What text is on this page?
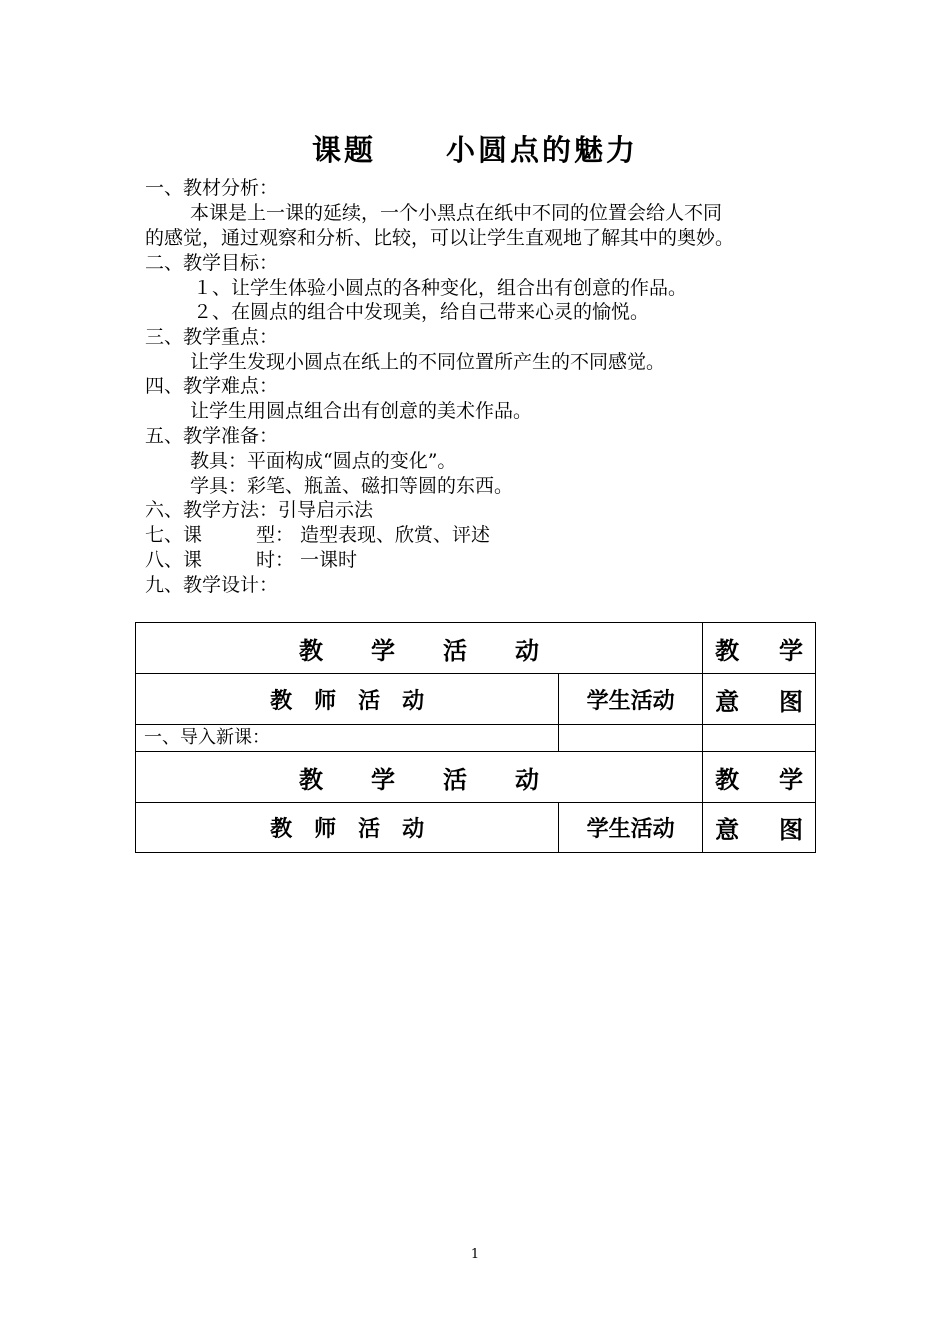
课题 小圆点的魅力
一、教材分析：
本课是上一课的延续，一个小黑点在纸中不同的位置会给人不同
的感觉，通过观察和分析、比较，可以让学生直观地了解其中的奥妙。
二、教学目标：
１、让学生体验小圆点的各种变化，组合出有创意的作品。
２、在圆点的组合中发现美，给自己带来心灵的愉悦。
三、教学重点：
让学生发现小圆点在纸上的不同位置所产生的不同感觉。
四、教学难点：
让学生用圆点组合出有创意的美术作品。
五、教学准备：
教具：平面构成“圆点的变化”。
学具：彩笔、瓶盖、磁扣等圆的东西。
六、教学方法：引导启示法
七、课	型： 造型表现、欣赏、评述
八、课	时： 一课时
九、教学设计：
教　　学　　活　　动		教 学

教　师　活　动	学生活动	意 图

一、导入新课：		
教　　学　　活　　动		教 学

教　师　活　动	学生活动	意 图
1
